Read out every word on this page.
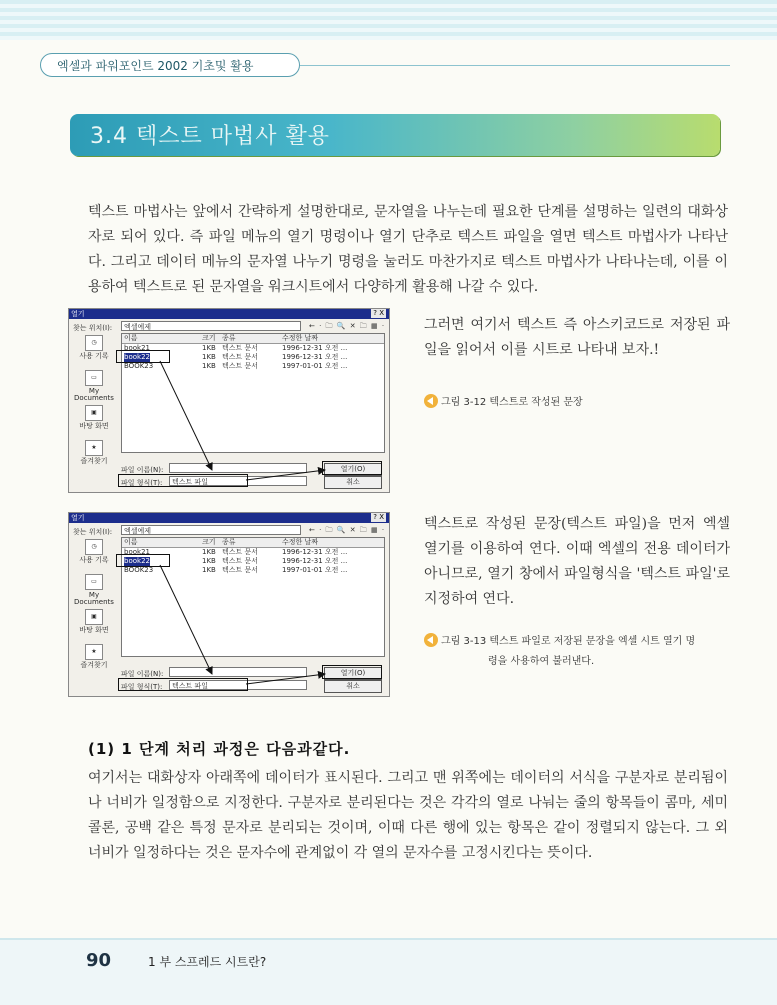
엑셀과 파워포인트 2002 기초및 활용
3.4 텍스트 마법사 활용
텍스트 마법사는 앞에서 간략하게 설명한대로, 문자열을 나누는데 필요한 단계를 설명하는 일련의 대화상자로 되어 있다. 즉 파일 메뉴의 열기 명령이나 열기 단추로 텍스트 파일을 열면 텍스트 마법사가 나타난다. 그리고 데이터 메뉴의 문자열 나누기 명령을 눌러도 마찬가지로 텍스트 마법사가 나타나는데, 이를 이용하여 텍스트로 된 문자열을 워크시트에서 다양하게 활용해 나갈 수 있다.
열기	? X
찾는 위치(I):	엑셀예제	← · 🗀 🔍 ✕ 🗀 ▦ ·
◷
사용 기록
▭
My Documents
▣
바탕 화면
★
즐겨찾기
이름	크기 종류	수정한 날짜
book21	1KB 텍스트 문서	1996-12-31 오전 ...
book22	1KB 텍스트 문서	1996-12-31 오전 ...
BOOK23	1KB 텍스트 문서	1997-01-01 오전 ...
파일 이름(N):
파일 형식(T):	텍스트 파일
열기(O)
취소
열기	? X
찾는 위치(I):	엑셀예제	← · 🗀 🔍 ✕ 🗀 ▦ ·
◷
사용 기록
▭
My Documents
▣
바탕 화면
★
즐겨찾기
이름	크기 종류	수정한 날짜
book21	1KB 텍스트 문서	1996-12-31 오전 ...
book22	1KB 텍스트 문서	1996-12-31 오전 ...
BOOK23	1KB 텍스트 문서	1997-01-01 오전 ...
파일 이름(N):
파일 형식(T):	텍스트 파일
열기(O)
취소
그러면 여기서 텍스트 즉 아스키코드로 저장된 파일을 읽어서 이를 시트로 나타내 보자.!
그림 3-12 텍스트로 작성된 문장
텍스트로 작성된 문장(텍스트 파일)을 먼저 엑셀 열기를 이용하여 연다. 이때 엑셀의 전용 데이터가 아니므로, 열기 창에서 파일형식을 '텍스트 파일'로 지정하여 연다.
그림 3-13 텍스트 파일로 저장된 문장을 엑셀 시트 열기 명
령을 사용하여 불러낸다.
(1) 1 단계 처리 과정은 다음과같다.
여기서는 대화상자 아래쪽에 데이터가 표시된다. 그리고 맨 위쪽에는 데이터의 서식을 구분자로 분리됨이나 너비가 일정함으로 지정한다. 구분자로 분리된다는 것은 각각의 열로 나눠는 줄의 항목들이 콤마, 세미콜론, 공백 같은 특정 문자로 분리되는 것이며, 이때 다른 행에 있는 항목은 같이 정렬되지 않는다. 그 외 너비가 일정하다는 것은 문자수에 관계없이 각 열의 문자수를 고정시킨다는 뜻이다.
90	1 부 스프레드 시트란?
